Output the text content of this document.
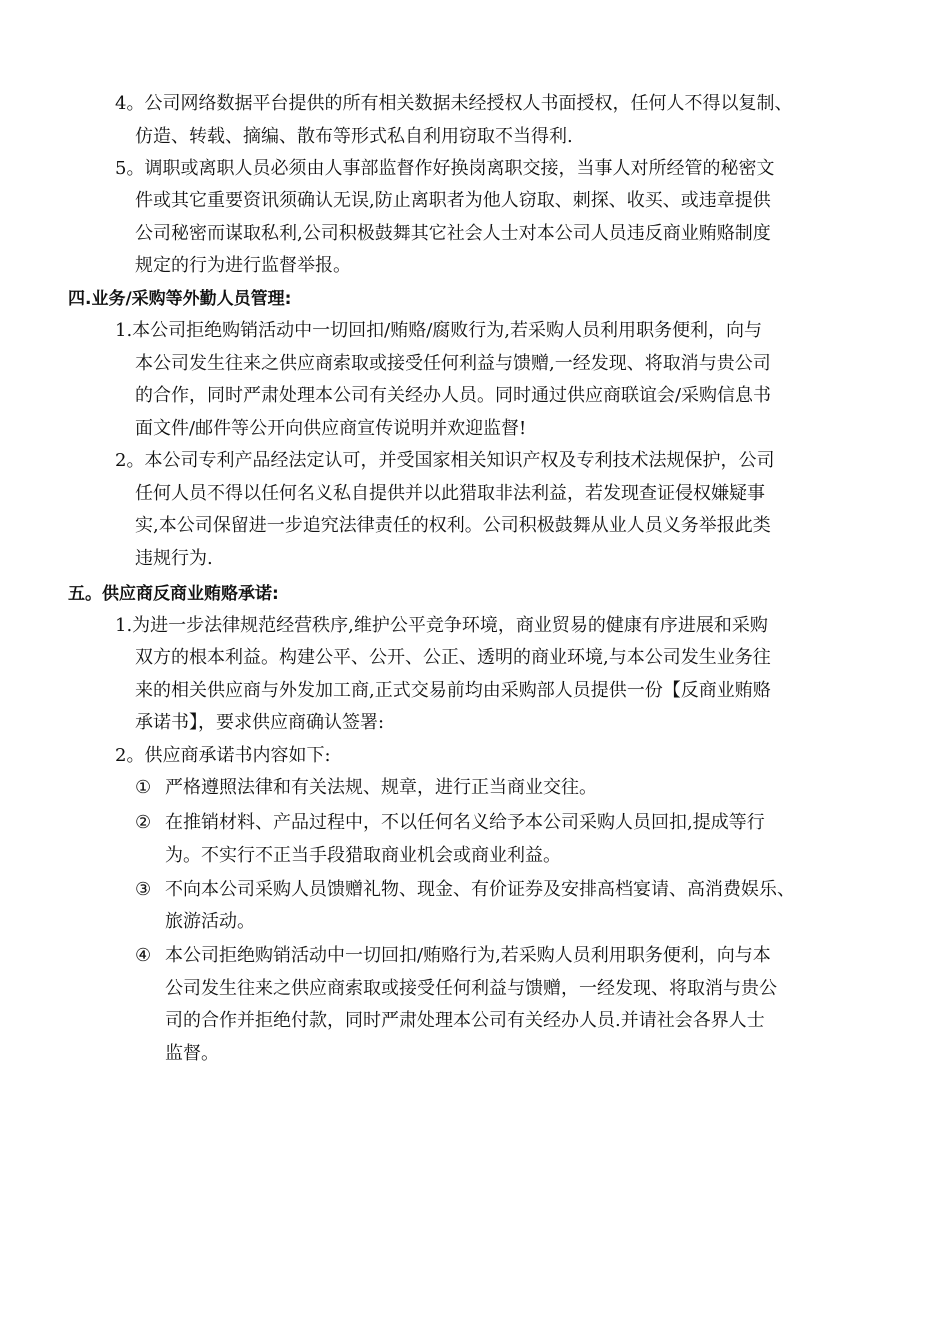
4。公司网络数据平台提供的所有相关数据未经授权人书面授权，任何人不得以复制、
仿造、转载、摘编、散布等形式私自利用窃取不当得利.
5。调职或离职人员必须由人事部监督作好换岗离职交接，当事人对所经管的秘密文
件或其它重要资讯须确认无误,防止离职者为他人窃取、刺探、收买、或违章提供
公司秘密而谋取私利,公司积极鼓舞其它社会人士对本公司人员违反商业贿赂制度
规定的行为进行监督举报。
四.业务/采购等外勤人员管理:
1.本公司拒绝购销活动中一切回扣/贿赂/腐败行为,若采购人员利用职务便利，向与
本公司发生往来之供应商索取或接受任何利益与馈赠,一经发现、将取消与贵公司
的合作，同时严肃处理本公司有关经办人员。同时通过供应商联谊会/采购信息书
面文件/邮件等公开向供应商宣传说明并欢迎监督!
2。本公司专利产品经法定认可，并受国家相关知识产权及专利技术法规保护，公司
任何人员不得以任何名义私自提供并以此猎取非法利益，若发现查证侵权嫌疑事
实,本公司保留进一步追究法律责任的权利。公司积极鼓舞从业人员义务举报此类
违规行为.
五。供应商反商业贿赂承诺:
1.为进一步法律规范经营秩序,维护公平竞争环境，商业贸易的健康有序进展和采购
双方的根本利益。构建公平、公开、公正、透明的商业环境,与本公司发生业务往
来的相关供应商与外发加工商,正式交易前均由采购部人员提供一份【反商业贿赂
承诺书】，要求供应商确认签署:
2。供应商承诺书内容如下:
① 严格遵照法律和有关法规、规章，进行正当商业交往。
② 在推销材料、产品过程中，不以任何名义给予本公司采购人员回扣,提成等行
为。不实行不正当手段猎取商业机会或商业利益。
③ 不向本公司采购人员馈赠礼物、现金、有价证券及安排高档宴请、高消费娱乐、
旅游活动。
④ 本公司拒绝购销活动中一切回扣/贿赂行为,若采购人员利用职务便利，向与本
公司发生往来之供应商索取或接受任何利益与馈赠，一经发现、将取消与贵公
司的合作并拒绝付款，同时严肃处理本公司有关经办人员.并请社会各界人士
监督。
